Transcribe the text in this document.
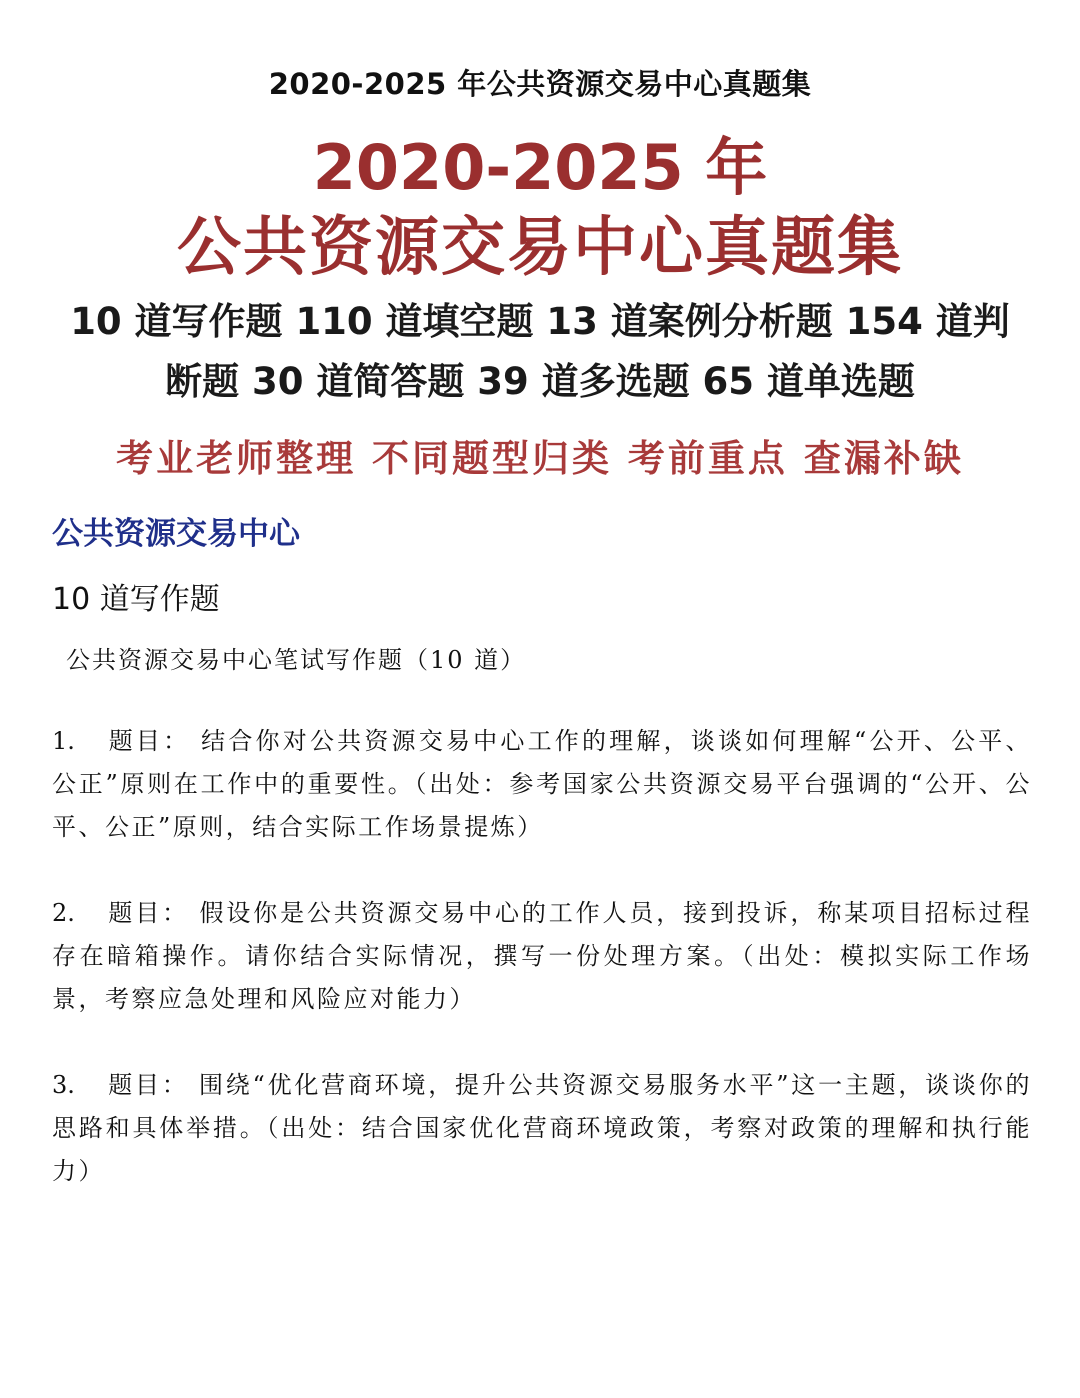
2020-2025 年公共资源交易中心真题集
2020-2025 年
公共资源交易中心真题集
10 道写作题 110 道填空题 13 道案例分析题 154 道判
断题 30 道简答题 39 道多选题 65 道单选题
考业老师整理 不同题型归类 考前重点 查漏补缺
公共资源交易中心
10 道写作题
公共资源交易中心笔试写作题（10 道）
1. 题目： 结合你对公共资源交易中心工作的理解，谈谈如何理解“公开、公平、公正”原则在工作中的重要性。（出处：参考国家公共资源交易平台强调的“公开、公平、公正”原则，结合实际工作场景提炼）
2. 题目： 假设你是公共资源交易中心的工作人员，接到投诉，称某项目招标过程存在暗箱操作。请你结合实际情况，撰写一份处理方案。（出处：模拟实际工作场景，考察应急处理和风险应对能力）
3. 题目： 围绕“优化营商环境，提升公共资源交易服务水平”这一主题，谈谈你的思路和具体举措。（出处：结合国家优化营商环境政策，考察对政策的理解和执行能力）
